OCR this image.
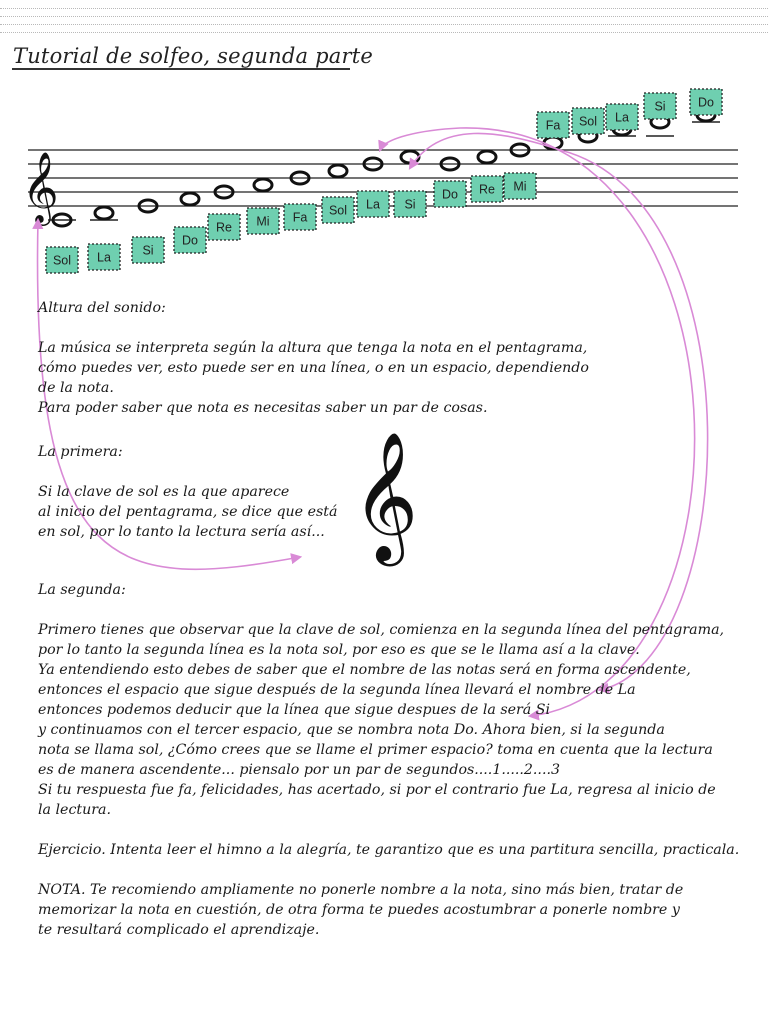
Tutorial de solfeo, segunda parte
𝄞
Sol La	Si
Do
Re Mi Fa Sol La Si
Do Re Mi
Fa Sol La
Si	Do

Altura del sonido:

La música se interpreta según la altura que tenga la nota en el pentagrama,

cómo puedes ver, esto puede ser en una línea, o en un espacio, dependiendo

de la nota.

Para poder saber que nota es necesitas saber un par de cosas.

La primera:

Si la clave de sol es la que aparece

al inicio del pentagrama, se dice que está

en sol, por lo tanto la lectura sería así... 𝄞

La segunda:

Primero tienes que observar que la clave de sol, comienza en la segunda línea del pentagrama,

por lo tanto la segunda línea es la nota sol, por eso es que se le llama así a la clave.

Ya entendiendo esto debes de saber que el nombre de las notas será en forma ascendente,

entonces el espacio que sigue después de la segunda línea llevará el nombre de La

entonces podemos deducir que la línea que sigue despues de la será Si

y continuamos con el tercer espacio, que se nombra nota Do. Ahora bien, si la segunda

nota se llama sol, ¿Cómo crees que se llame el primer espacio? toma en cuenta que la lectura

es de manera ascendente... piensalo por un par de segundos....1.....2....3

Si tu respuesta fue fa, felicidades, has acertado, si por el contrario fue La, regresa al inicio de

la lectura.

Ejercicio. Intenta leer el himno a la alegría, te garantizo que es una partitura sencilla, practicala.

NOTA. Te recomiendo ampliamente no ponerle nombre a la nota, sino más bien, tratar de

memorizar la nota en cuestión, de otra forma te puedes acostumbrar a ponerle nombre y

te resultará complicado el aprendizaje.
